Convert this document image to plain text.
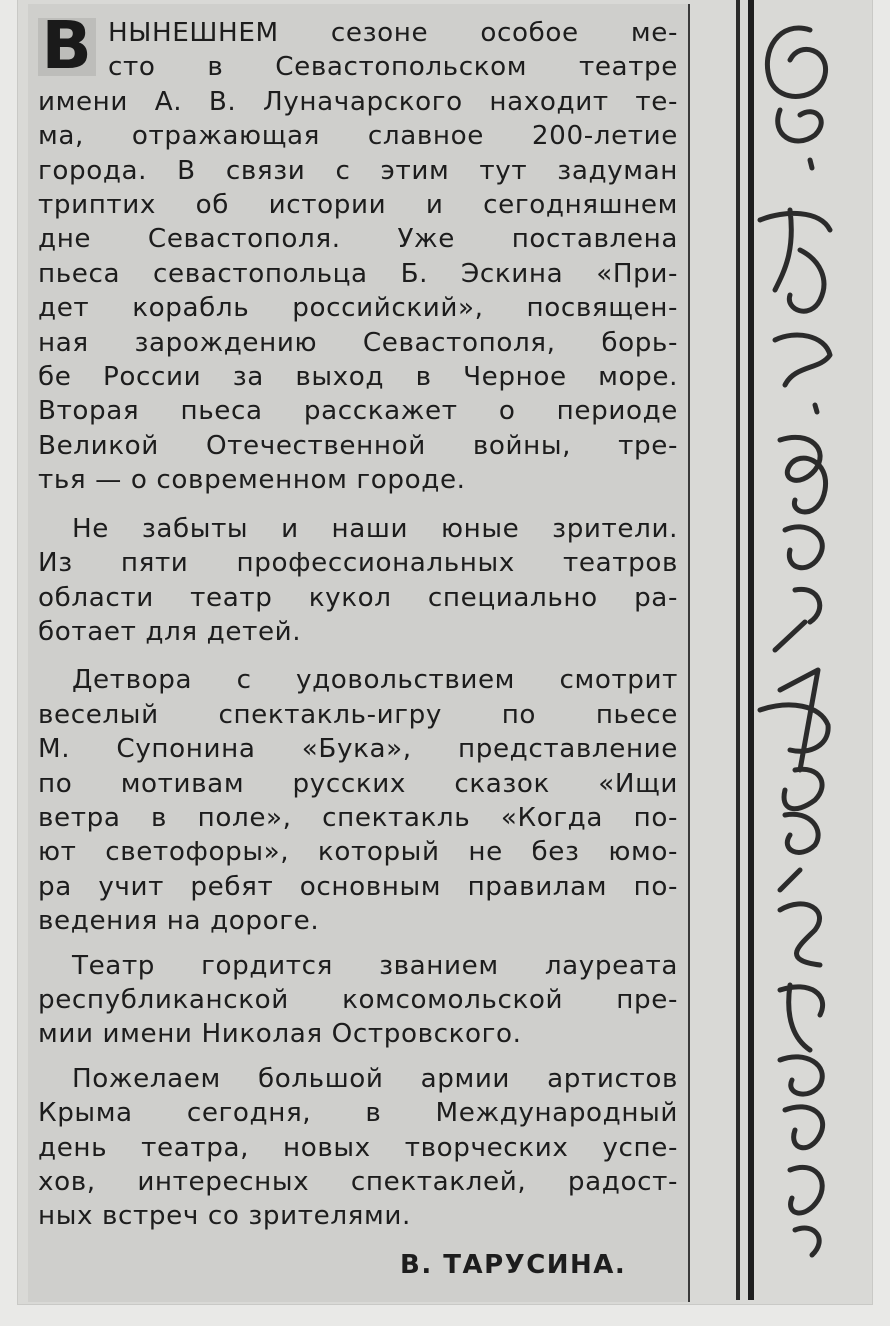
В НЫНЕШНЕМ сезоне особое ме-
сто в Севастопольском театре
имени А. В. Луначарского находит те-
ма, отражающая славное 200-летие
города. В связи с этим тут задуман
триптих об истории и сегодняшнем
дне Севастополя. Уже поставлена
пьеса севастопольца Б. Эскина «При-
дет корабль российский», посвящен-
ная зарождению Севастополя, борь-
бе России за выход в Черное море.
Вторая пьеса расскажет о периоде
Великой Отечественной войны, тре-
тья — о современном городе.
Не забыты и наши юные зрители.
Из пяти профессиональных театров
области театр кукол специально ра-
ботает для детей.
Детвора с удовольствием смотрит
веселый спектакль-игру по пьесе
М. Супонина «Бука», представление
по мотивам русских сказок «Ищи
ветра в поле», спектакль «Когда по-
ют светофоры», который не без юмо-
ра учит ребят основным правилам по-
ведения на дороге.
Театр гордится званием лауреата
республиканской комсомольской пре-
мии имени Николая Островского.
Пожелаем большой армии артистов
Крыма сегодня, в Международный
день театра, новых творческих успе-
хов, интересных спектаклей, радост-
ных встреч со зрителями.
В. ТАРУСИНА.
